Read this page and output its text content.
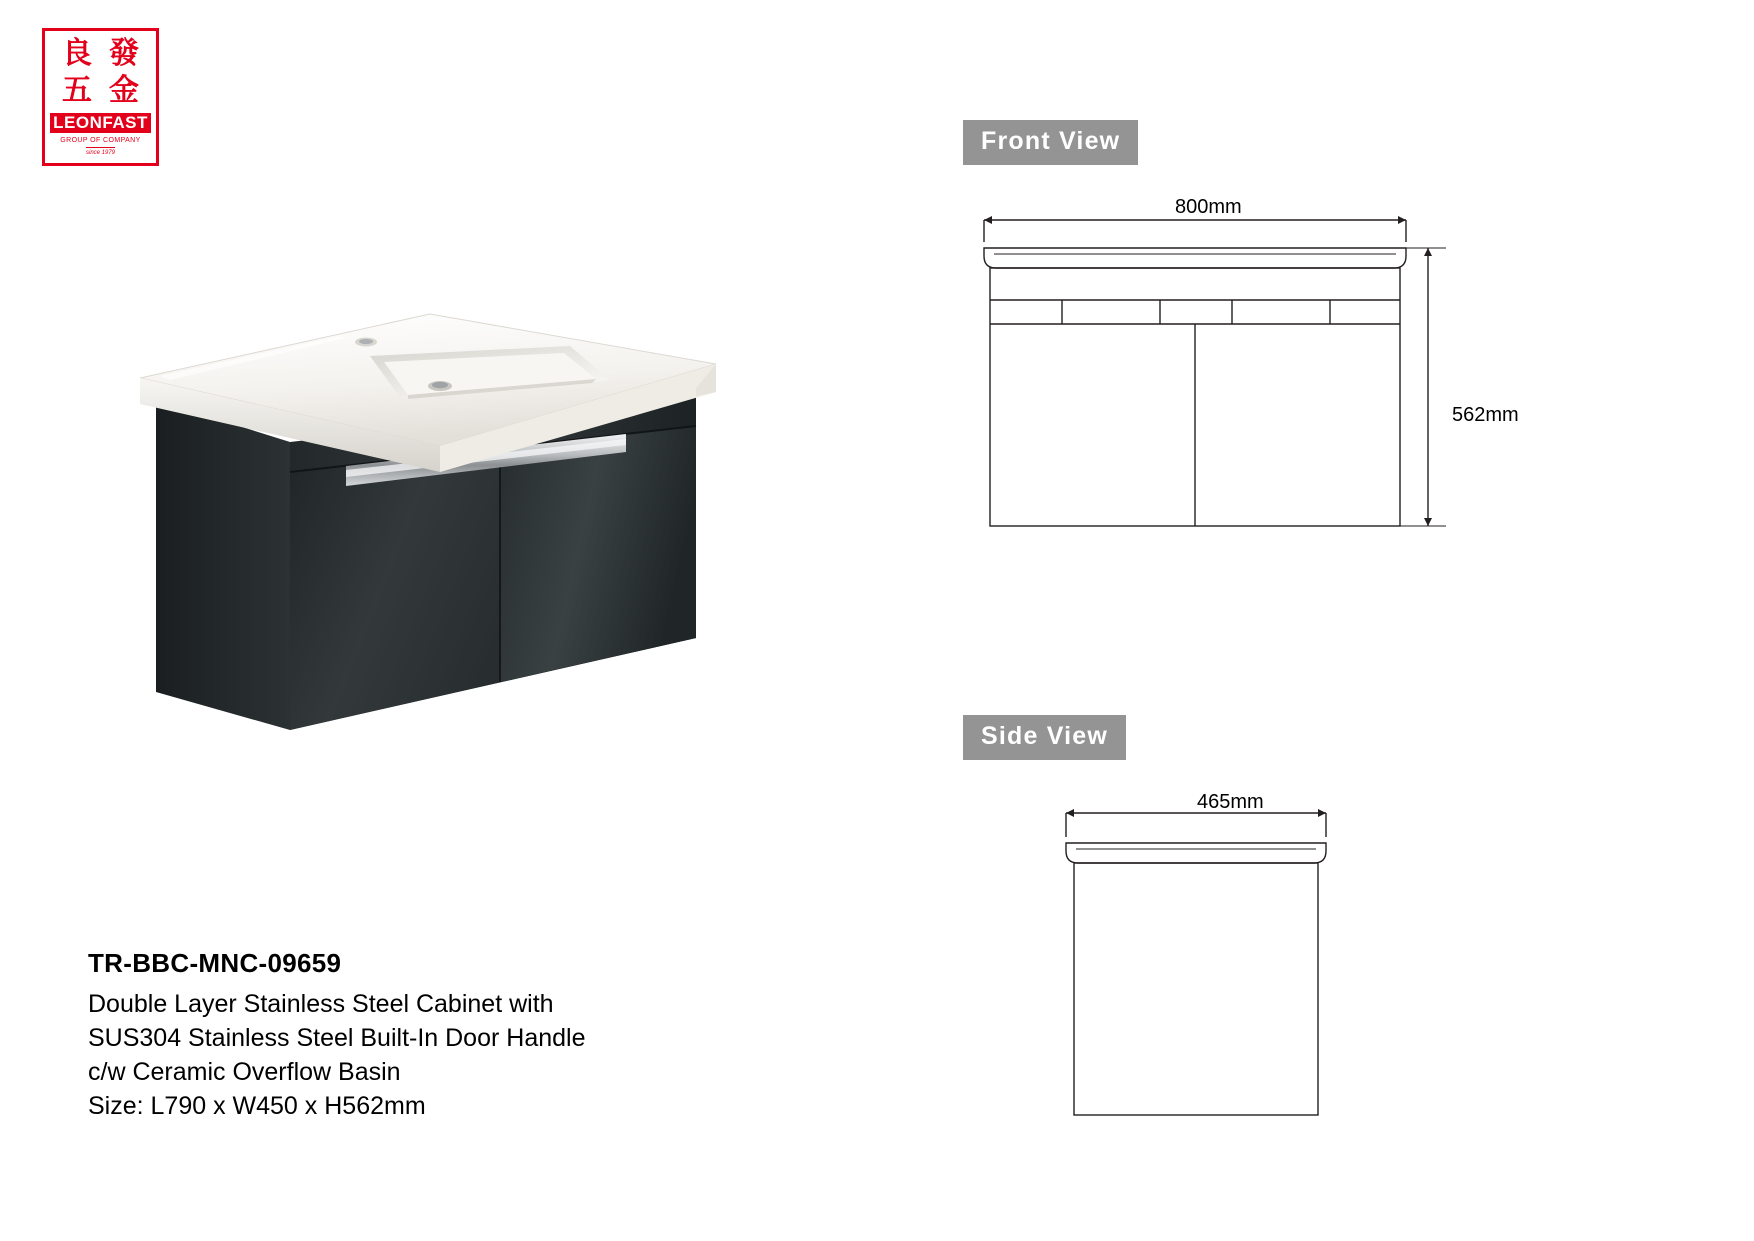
良 發
五 金
LEONFAST
GROUP OF COMPANY
since 1979	Front View
800mm
562mm
Side View
465mm
TR-BBC-MNC-09659
Double Layer Stainless Steel Cabinet with
SUS304 Stainless Steel Built-In Door Handle
c/w Ceramic Overflow Basin
Size: L790 x W450 x H562mm
